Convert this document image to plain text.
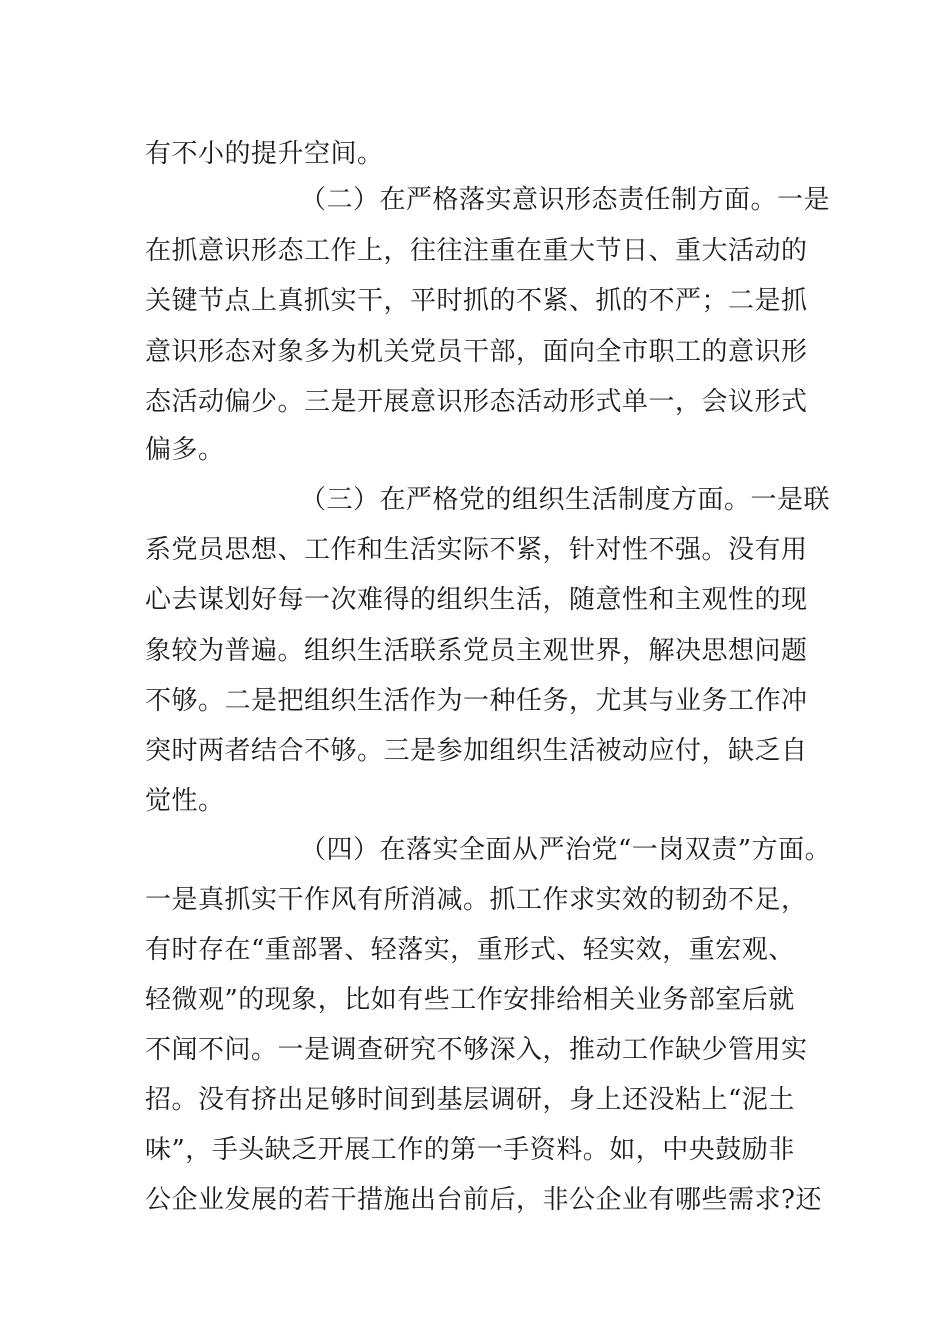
有不小的提升空间。
（二）在严格落实意识形态责任制方面。一是
在抓意识形态工作上，往往注重在重大节日、重大活动的
关键节点上真抓实干，平时抓的不紧、抓的不严；二是抓
意识形态对象多为机关党员干部，面向全市职工的意识形
态活动偏少。三是开展意识形态活动形式单一，会议形式
偏多。
（三）在严格党的组织生活制度方面。一是联
系党员思想、工作和生活实际不紧，针对性不强。没有用
心去谋划好每一次难得的组织生活，随意性和主观性的现
象较为普遍。组织生活联系党员主观世界，解决思想问题
不够。二是把组织生活作为一种任务，尤其与业务工作冲
突时两者结合不够。三是参加组织生活被动应付，缺乏自
觉性。
（四）在落实全面从严治党“一岗双责”方面。
一是真抓实干作风有所消减。抓工作求实效的韧劲不足，
有时存在“重部署、轻落实，重形式、轻实效，重宏观、
轻微观”的现象，比如有些工作安排给相关业务部室后就
不闻不问。一是调查研究不够深入，推动工作缺少管用实
招。没有挤出足够时间到基层调研，身上还没粘上“泥土
味”，手头缺乏开展工作的第一手资料。如，中央鼓励非
公企业发展的若干措施出台前后，非公企业有哪些需求?还
